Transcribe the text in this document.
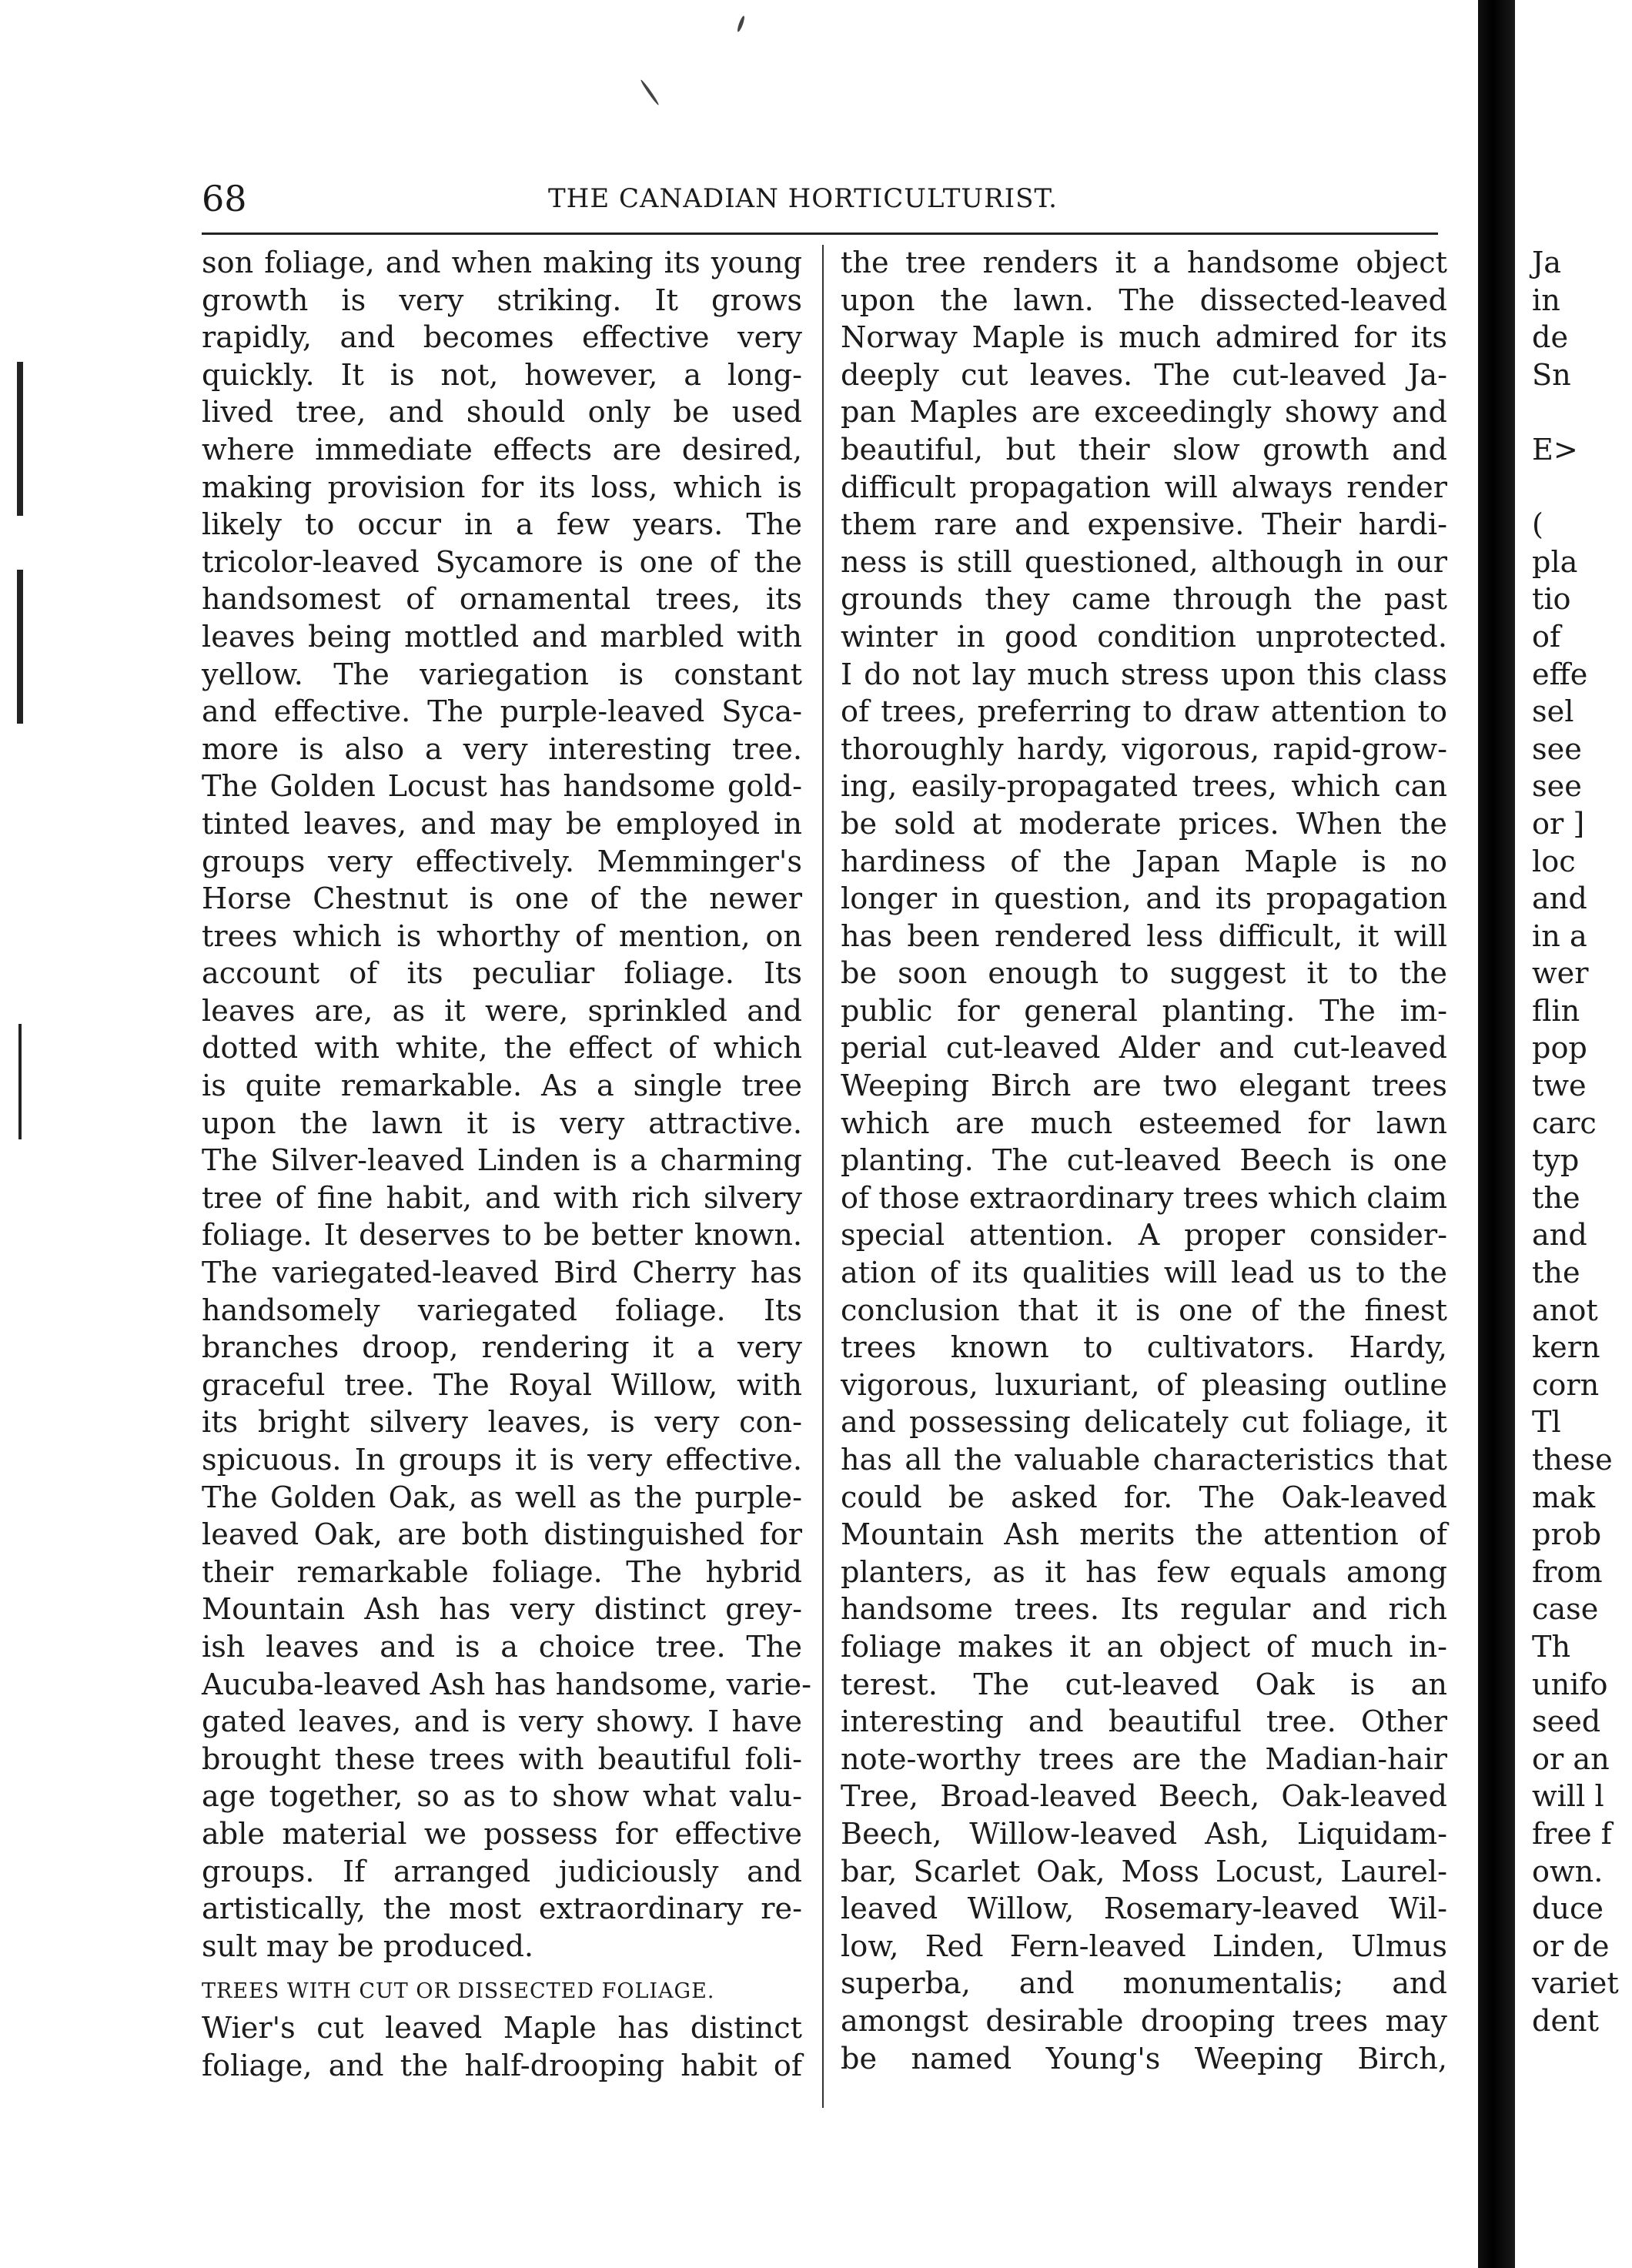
68	THE CANADIAN HORTICULTURIST.
son foliage, and when making its young
growth is very striking. It grows
rapidly, and becomes effective very
quickly. It is not, however, a long-
lived tree, and should only be used
where immediate effects are desired,
making provision for its loss, which is
likely to occur in a few years. The
tricolor-leaved Sycamore is one of the
handsomest of ornamental trees, its
leaves being mottled and marbled with
yellow. The variegation is constant
and effective. The purple-leaved Syca-
more is also a very interesting tree.
The Golden Locust has handsome gold-
tinted leaves, and may be employed in
groups very effectively. Memminger's
Horse Chestnut is one of the newer
trees which is whorthy of mention, on
account of its peculiar foliage. Its
leaves are, as it were, sprinkled and
dotted with white, the effect of which
is quite remarkable. As a single tree
upon the lawn it is very attractive.
The Silver-leaved Linden is a charming
tree of fine habit, and with rich silvery
foliage. It deserves to be better known.
The variegated-leaved Bird Cherry has
handsomely variegated foliage. Its
branches droop, rendering it a very
graceful tree. The Royal Willow, with
its bright silvery leaves, is very con-
spicuous. In groups it is very effective.
The Golden Oak, as well as the purple-
leaved Oak, are both distinguished for
their remarkable foliage. The hybrid
Mountain Ash has very distinct grey-
ish leaves and is a choice tree. The
Aucuba-leaved Ash has handsome, varie-
gated leaves, and is very showy. I have
brought these trees with beautiful foli-
age together, so as to show what valu-
able material we possess for effective
groups. If arranged judiciously and
artistically, the most extraordinary re-
sult may be produced.
TREES WITH CUT OR DISSECTED FOLIAGE.
Wier's cut leaved Maple has distinct
foliage, and the half-drooping habit of
the tree renders it a handsome object
upon the lawn. The dissected-leaved
Norway Maple is much admired for its
deeply cut leaves. The cut-leaved Ja-
pan Maples are exceedingly showy and
beautiful, but their slow growth and
difficult propagation will always render
them rare and expensive. Their hardi-
ness is still questioned, although in our
grounds they came through the past
winter in good condition unprotected.
I do not lay much stress upon this class
of trees, preferring to draw attention to
thoroughly hardy, vigorous, rapid-grow-
ing, easily-propagated trees, which can
be sold at moderate prices. When the
hardiness of the Japan Maple is no
longer in question, and its propagation
has been rendered less difficult, it will
be soon enough to suggest it to the
public for general planting. The im-
perial cut-leaved Alder and cut-leaved
Weeping Birch are two elegant trees
which are much esteemed for lawn
planting. The cut-leaved Beech is one
of those extraordinary trees which claim
special attention. A proper consider-
ation of its qualities will lead us to the
conclusion that it is one of the finest
trees known to cultivators. Hardy,
vigorous, luxuriant, of pleasing outline
and possessing delicately cut foliage, it
has all the valuable characteristics that
could be asked for. The Oak-leaved
Mountain Ash merits the attention of
planters, as it has few equals among
handsome trees. Its regular and rich
foliage makes it an object of much in-
terest. The cut-leaved Oak is an
interesting and beautiful tree. Other
note-worthy trees are the Madian-hair
Tree, Broad-leaved Beech, Oak-leaved
Beech, Willow-leaved Ash, Liquidam-
bar, Scarlet Oak, Moss Locust, Laurel-
leaved Willow, Rosemary-leaved Wil-
low, Red Fern-leaved Linden, Ulmus
superba, and monumentalis; and
amongst desirable drooping trees may
be named Young's Weeping Birch,
Ja
in
de
Sn
E>
(
pla
tio
of
effe
sel
see
see
or ]
loc
and
in a
wer
flin
pop
twe
carc
typ
the
and
the
anot
kern
corn
Tl
these
mak
prob
from
case
Th
unifo
seed
or an
will l
free f
own.
duce
or de
variet
dent
